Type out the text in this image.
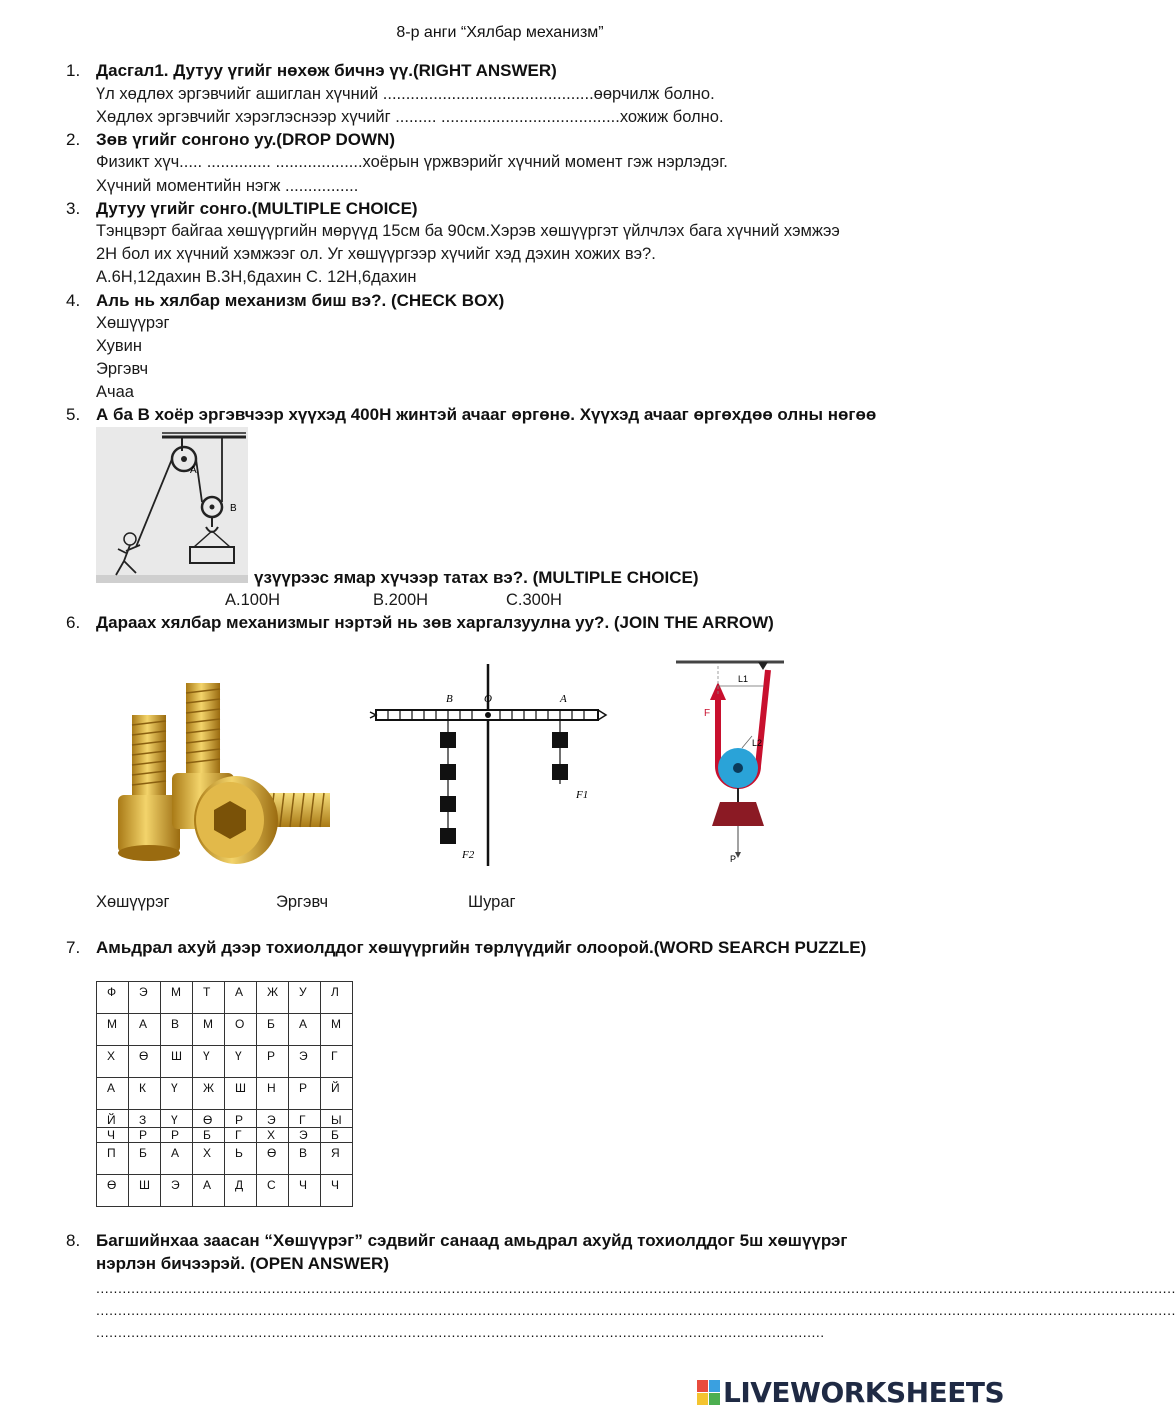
8-р анги “Хялбар механизм”
1. Дасгал1. Дутуу үгийг нөхөж бичнэ үү.(RIGHT ANSWER)
Үл хөдлөх эргэвчийг ашиглан хүчний ..............................................өөрчилж болно.
Хөдлөх эргэвчийг хэрэглэснээр хүчийг ......... .......................................хожиж болно.
2. Зөв үгийг сонгоно уу.(DROP DOWN)
Физикт хүч..... .............. ...................хоёрын үржвэрийг хүчний момент гэж нэрлэдэг.
Хүчний моментийн нэгж ................
3. Дутуу үгийг сонго.(MULTIPLE CHOICE)
Тэнцвэрт байгаа хөшүүргийн мөрүүд 15см ба 90см.Хэрэв хөшүүргэт үйлчлэх бага хүчний хэмжээ
2Н бол их хүчний хэмжээг ол. Уг хөшүүргээр хүчийг хэд дэхин хожих вэ?.
А.6Н,12дахин В.3Н,6дахин С. 12Н,6дахин
4. Аль нь хялбар механизм биш вэ?. (CHECK BOX)
Хөшүүрэг
Хувин
Эргэвч
Ачаа
5. А ба В хоёр эргэвчээр хүүхэд 400Н жинтэй ачааг өргөнө. Хүүхэд ачааг өргөхдөө олны нөгөө
A
B
үзүүрээс ямар хүчээр татах вэ?. (MULTIPLE CHOICE)
А.100Н	В.200Н	С.300Н
6. Дараах хялбар механизмыг нэртэй нь зөв харгалзуулна уу?. (JOIN THE ARROW)
B	O	A
F1
F2
F
L1
L2
P
Хөшүүрэг	Эргэвч	Шураг
7. Амьдрал ахуй дээр тохиолддог хөшүүргийн төрлүүдийг олоорой.(WORD SEARCH PUZZLE)
Ф	Э	М	Т	А	Ж	У	Л
М	А	В	М	О	Б	А	М
Х	Ө	Ш	Ү	Ү	Р	Э	Г
А	К	Ү	Ж	Ш	Н	Р	Й
Й	З	Ү	Ө	Р	Э	Г	Ы
Ч	Р	Р	Б	Г	Х	Э	Б
П	Б	А	Х	Ь	Ө	В	Я
Ө	Ш	Э	А	Д	С	Ч	Ч
8. Багшийнхаа заасан “Хөшүүрэг” сэдвийг санаад амьдрал ахуйд тохиолддог 5ш хөшүүрэг
нэрлэн бичээрэй. (OPEN ANSWER)
......................................................................................................................................................................................................................................................
......................................................................................................................................................................................................................................................
......................................................................................................................................................................
LIVEWORKSHEETS
